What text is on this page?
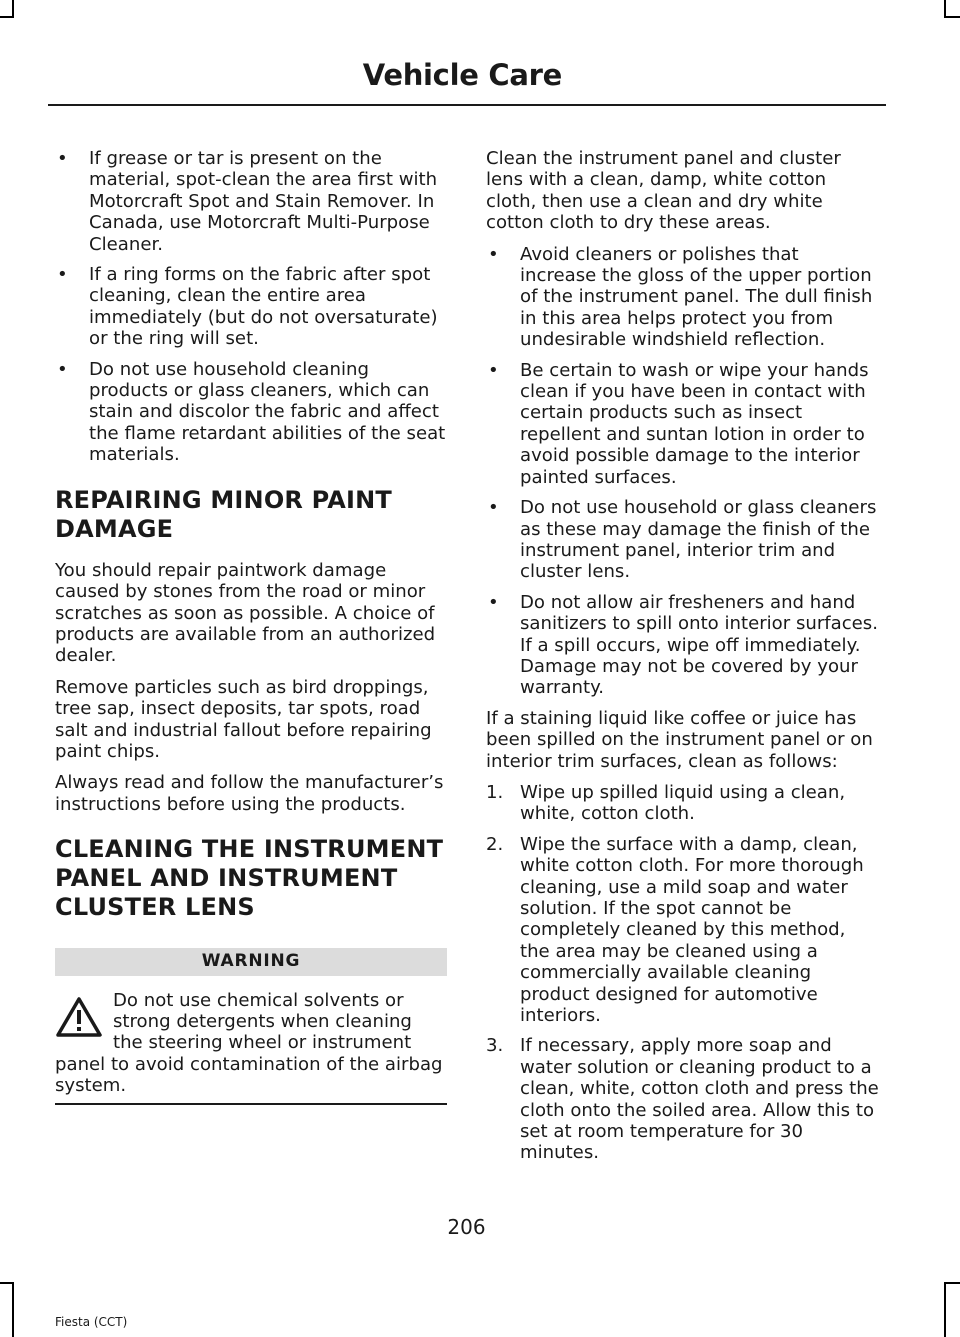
Vehicle Care
• If grease or tar is present on the material, spot-clean the area first with Motorcraft Spot and Stain Remover. In Canada, use Motorcraft Multi-Purpose Cleaner.
• If a ring forms on the fabric after spot cleaning, clean the entire area immediately (but do not oversaturate) or the ring will set.
• Do not use household cleaning products or glass cleaners, which can stain and discolor the fabric and affect the flame retardant abilities of the seat materials.
REPAIRING MINOR PAINT DAMAGE

You should repair paintwork damage caused by stones from the road or minor scratches as soon as possible. A choice of products are available from an authorized dealer.

Remove particles such as bird droppings, tree sap, insect deposits, tar spots, road salt and industrial fallout before repairing paint chips.

Always read and follow the manufacturer’s instructions before using the products.

CLEANING THE INSTRUMENT PANEL AND INSTRUMENT CLUSTER LENS
WARNING
Do not use chemical solvents or strong detergents when cleaning the steering wheel or instrument panel to avoid contamination of the airbag system.

Clean the instrument panel and cluster lens with a clean, damp, white cotton cloth, then use a clean and dry white cotton cloth to dry these areas.

• Avoid cleaners or polishes that increase the gloss of the upper portion of the instrument panel. The dull finish in this area helps protect you from undesirable windshield reflection.
• Be certain to wash or wipe your hands clean if you have been in contact with certain products such as insect repellent and suntan lotion in order to avoid possible damage to the interior painted surfaces.
• Do not use household or glass cleaners as these may damage the finish of the instrument panel, interior trim and cluster lens.
• Do not allow air fresheners and hand sanitizers to spill onto interior surfaces. If a spill occurs, wipe off immediately. Damage may not be covered by your warranty.

If a staining liquid like coffee or juice has been spilled on the instrument panel or on interior trim surfaces, clean as follows:

1. Wipe up spilled liquid using a clean, white, cotton cloth.
2. Wipe the surface with a damp, clean, white cotton cloth. For more thorough cleaning, use a mild soap and water solution. If the spot cannot be completely cleaned by this method, the area may be cleaned using a commercially available cleaning product designed for automotive interiors.
3. If necessary, apply more soap and water solution or cleaning product to a clean, white, cotton cloth and press the cloth onto the soiled area. Allow this to set at room temperature for 30 minutes.
206
Fiesta (CCT)
